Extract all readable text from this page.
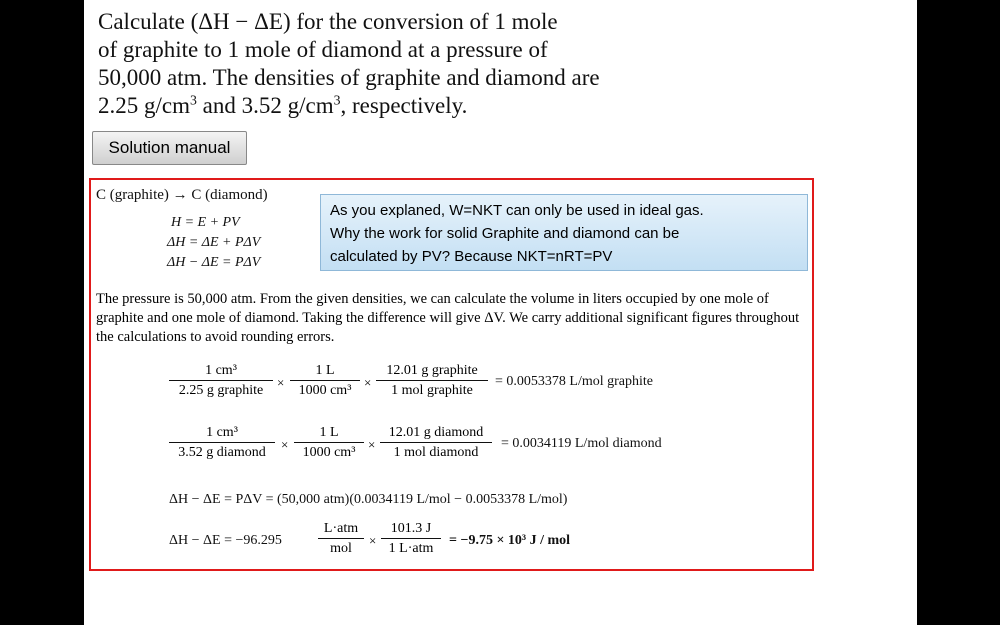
Calculate (ΔH − ΔE) for the conversion of 1 mole
of graphite to 1 mole of diamond at a pressure of
50,000 atm. The densities of graphite and diamond are
2.25 $g/cm^3$ and 3.52 $g/cm^3$, respectively.
Solution manual
C (graphite) → C (diamond)
H = E + PV
ΔH = ΔE + PΔV
ΔH − ΔE = PΔV
As you explaned, W=NKT can only be used in ideal gas.
Why the work for solid Graphite and diamond can be
calculated by PV? Because NKT=nRT=PV
The pressure is 50,000 atm. From the given densities, we can calculate the volume in liters occupied by one mole of graphite and one mole of diamond. Taking the difference will give ΔV. We carry additional significant figures throughout the calculations to avoid rounding errors.
1 cm³
2.25 g graphite
× $\frac{1 L}{\text{1000 cm³}}$ ×
12.01 g graphite
1 mol graphite
= 0.0053378 L/mol graphite
1 cm³
3.52 g diamond
× $\frac{1 L}{\text{1000 cm³}}$ ×
12.01 g diamond
1 mol diamond
= 0.0034119 L/mol diamond
ΔH − ΔE = PΔV = (50,000 atm)(0.0034119 L/mol − 0.0053378 L/mol)
ΔH − ΔE = −96.295
L·atm
mol
×
101.3 J
1 L·atm
= −9.75 × 10³ J / mol
